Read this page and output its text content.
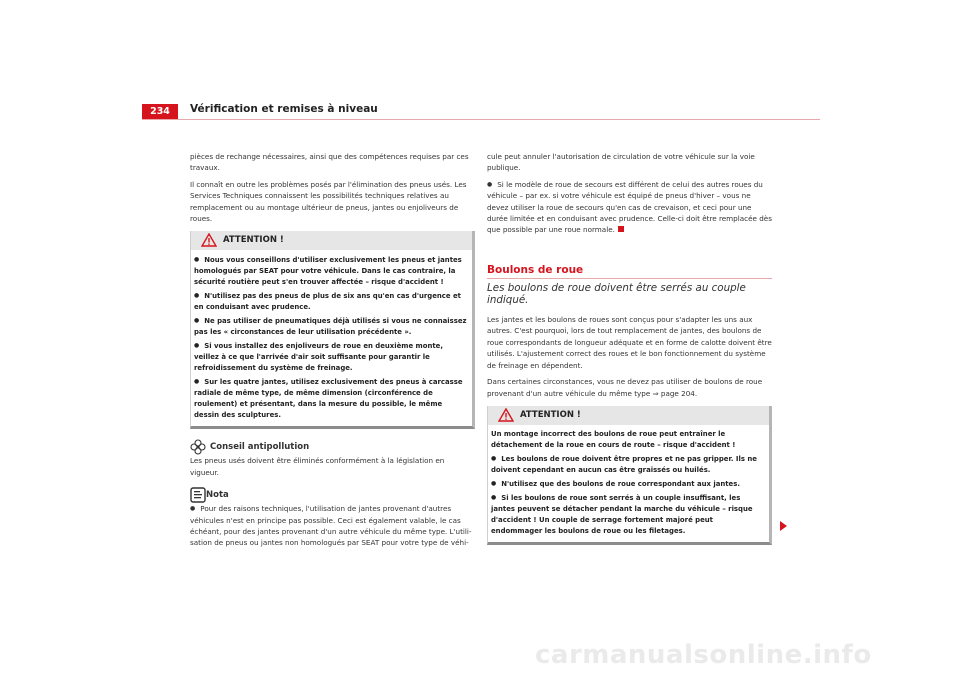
234	Vérification et remises à niveau

pièces de rechange nécessaires, ainsi que des compétences requises par ces travaux.

Il connaît en outre les problèmes posés par l'élimination des pneus usés. Les Services Techniques connaissent les possibilités techniques relatives au remplacement ou au montage ultérieur de pneus, jantes ou enjoliveurs de roues.

ATTENTION !

● Nous vous conseillons d'utiliser exclusivement les pneus et jantes homologués par SEAT pour votre véhicule. Dans le cas contraire, la sécurité routière peut s'en trouver affectée – risque d'accident !

● N'utilisez pas des pneus de plus de six ans qu'en cas d'urgence et en conduisant avec prudence.

● Ne pas utiliser de pneumatiques déjà utilisés si vous ne connaissez pas les « circonstances de leur utilisation précédente ».

● Si vous installez des enjoliveurs de roue en deuxième monte, veillez à ce que l'arrivée d'air soit suffisante pour garantir le refroidissement du système de freinage.

● Sur les quatre jantes, utilisez exclusivement des pneus à carcasse radiale de même type, de même dimension (circonférence de roulement) et présentant, dans la mesure du possible, le même dessin des sculptures.

Conseil antipollution

Les pneus usés doivent être éliminés conformément à la législation en vigueur.

Nota

● Pour des raisons techniques, l'utilisation de jantes provenant d'autres véhicules n'est en principe pas possible. Ceci est également valable, le cas échéant, pour des jantes provenant d'un autre véhicule du même type. L'utili-sation de pneus ou jantes non homologués par SEAT pour votre type de véhi-

cule peut annuler l'autorisation de circulation de votre véhicule sur la voie publique.

● Si le modèle de roue de secours est différent de celui des autres roues du véhicule – par ex. si votre véhicule est équipé de pneus d'hiver – vous ne devez utiliser la roue de secours qu'en cas de crevaison, et ceci pour une durée limitée et en conduisant avec prudence. Celle-ci doit être remplacée dès que possible par une roue normale.

Boulons de roue
Les boulons de roue doivent être serrés au couple indiqué.

Les jantes et les boulons de roues sont conçus pour s'adapter les uns aux autres. C'est pourquoi, lors de tout remplacement de jantes, des boulons de roue correspondants de longueur adéquate et en forme de calotte doivent être utilisés. L'ajustement correct des roues et le bon fonctionnement du système de freinage en dépendent.

Dans certaines circonstances, vous ne devez pas utiliser de boulons de roue provenant d'un autre véhicule du même type ⇒ page 204.

ATTENTION !

Un montage incorrect des boulons de roue peut entraîner le détachement de la roue en cours de route – risque d'accident !

● Les boulons de roue doivent être propres et ne pas gripper. Ils ne doivent cependant en aucun cas être graissés ou huilés.

● N'utilisez que des boulons de roue correspondant aux jantes.

● Si les boulons de roue sont serrés à un couple insuffisant, les jantes peuvent se détacher pendant la marche du véhicule – risque d'accident ! Un couple de serrage fortement majoré peut endommager les boulons de roue ou les filetages.

carmanualsonline.info
